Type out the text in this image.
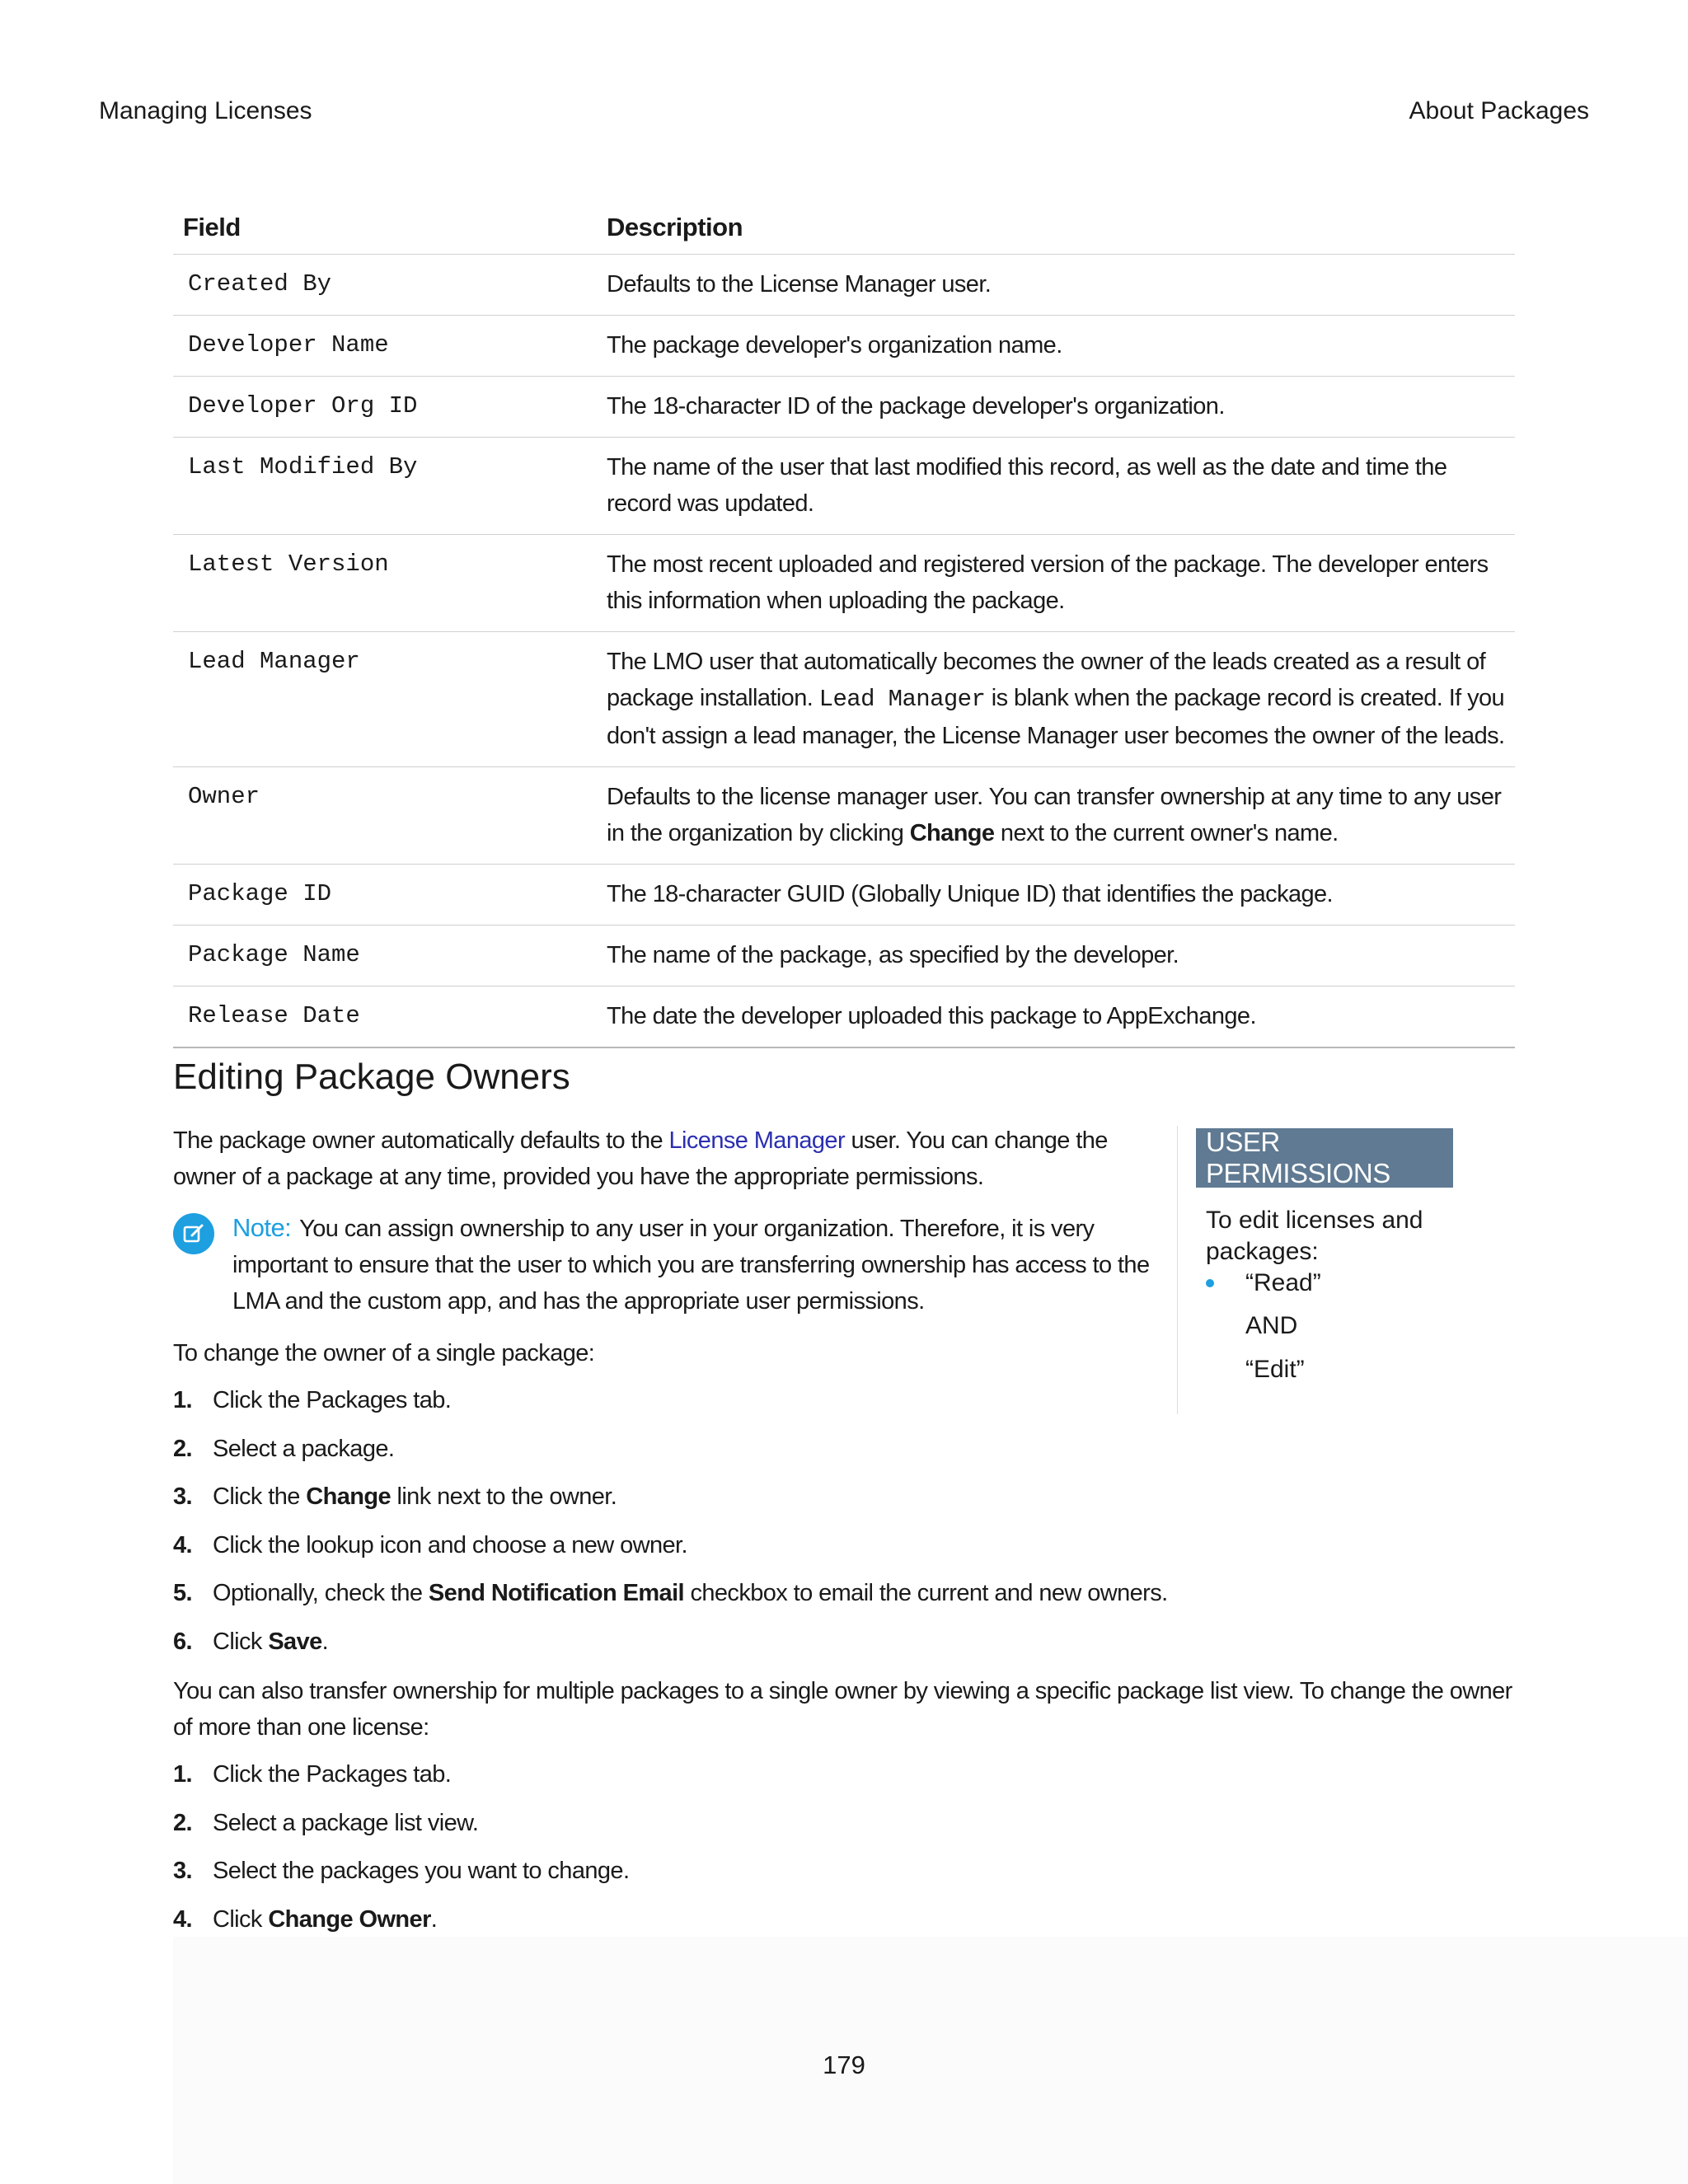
Managing Licenses	About Packages
Field	Description
Created By	Defaults to the License Manager user.
Developer Name	The package developer's organization name.
Developer Org ID	The 18-character ID of the package developer's organization.
Last Modified By	The name of the user that last modified this record, as well as the date and time the record was updated.
Latest Version	The most recent uploaded and registered version of the package. The developer enters this information when uploading the package.
Lead Manager	The LMO user that automatically becomes the owner of the leads created as a result of package installation. Lead Manager is blank when the package record is created. If you don't assign a lead manager, the License Manager user becomes the owner of the leads.
Owner	Defaults to the license manager user. You can transfer ownership at any time to any user in the organization by clicking Change next to the current owner's name.
Package ID	The 18-character GUID (Globally Unique ID) that identifies the package.
Package Name	The name of the package, as specified by the developer.
Release Date	The date the developer uploaded this package to AppExchange.
Editing Package Owners
The package owner automatically defaults to the License Manager user. You can change the owner of a package at any time, provided you have the appropriate permissions.
Note: You can assign ownership to any user in your organization. Therefore, it is very important to ensure that the user to which you are transferring ownership has access to the LMA and the custom app, and has the appropriate user permissions.
To change the owner of a single package:
1. Click the Packages tab.
2. Select a package.
3. Click the Change link next to the owner.
4. Click the lookup icon and choose a new owner.
5. Optionally, check the Send Notification Email checkbox to email the current and new owners.
6. Click Save.
You can also transfer ownership for multiple packages to a single owner by viewing a specific package list view. To change the owner of more than one license:
1. Click the Packages tab.
2. Select a package list view.
3. Select the packages you want to change.
4. Click Change Owner.
USER PERMISSIONS
To edit licenses and packages:
“Read”
AND
“Edit”
179
